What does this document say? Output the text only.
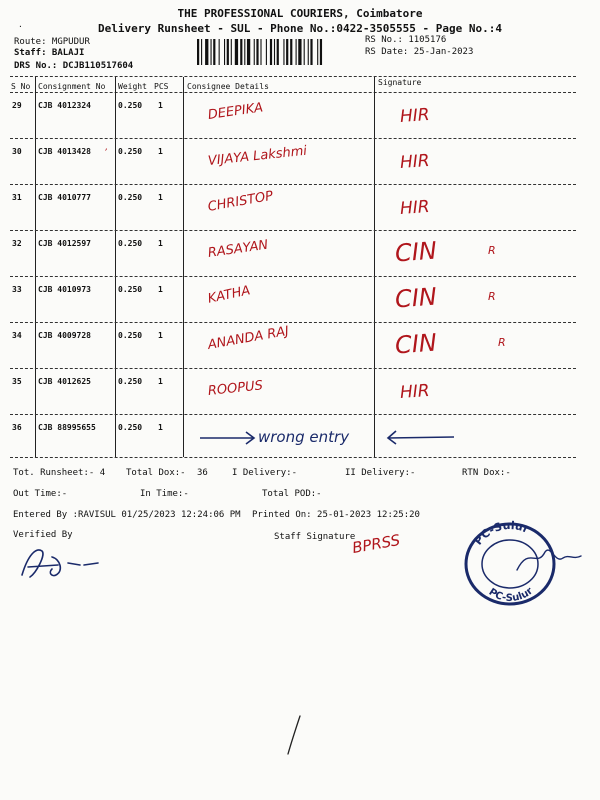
.
THE PROFESSIONAL COURIERS, Coimbatore
Delivery Runsheet - SUL - Phone No.:0422-3505555 - Page No.:4
Route: MGPUDUR
Staff: BALAJI
DRS No.: DCJB110517604
RS No.: 1105176
RS Date: 25-Jan-2023
S No Consignment No Weight PCS Consignee Details	Signature
29 CJB 4012324	0.250 1	DEEPIKA	HIR
30 CJB 4013428	0.250 1	VIJAYA Lakshmi	HIR
31 CJB 4010777	0.250 1	CHRISTOP	HIR
32 CJB 4012597	0.250 1	RASAYAN	CIN	R
33 CJB 4010973	0.250 1	KATHA	CIN	R
34 CJB 4009728	0.250 1	ANANDA RAJ	CIN	R
35 CJB 4012625	0.250 1	ROOPUS	HIR
36 CJB 88995655	0.250 1
wrong entry
’
Tot. Runsheet:- 4 Total Dox:- 36	I Delivery:-	II Delivery:-	RTN Dox:-
Out Time:-	In Time:-	Total POD:-
Entered By :RAVISUL 01/25/2023 12:24:06 PM Printed On: 25-01-2023 12:25:20
Verified By	Staff Signature
BPRSS	PC-Sulur
PC-Sulur
